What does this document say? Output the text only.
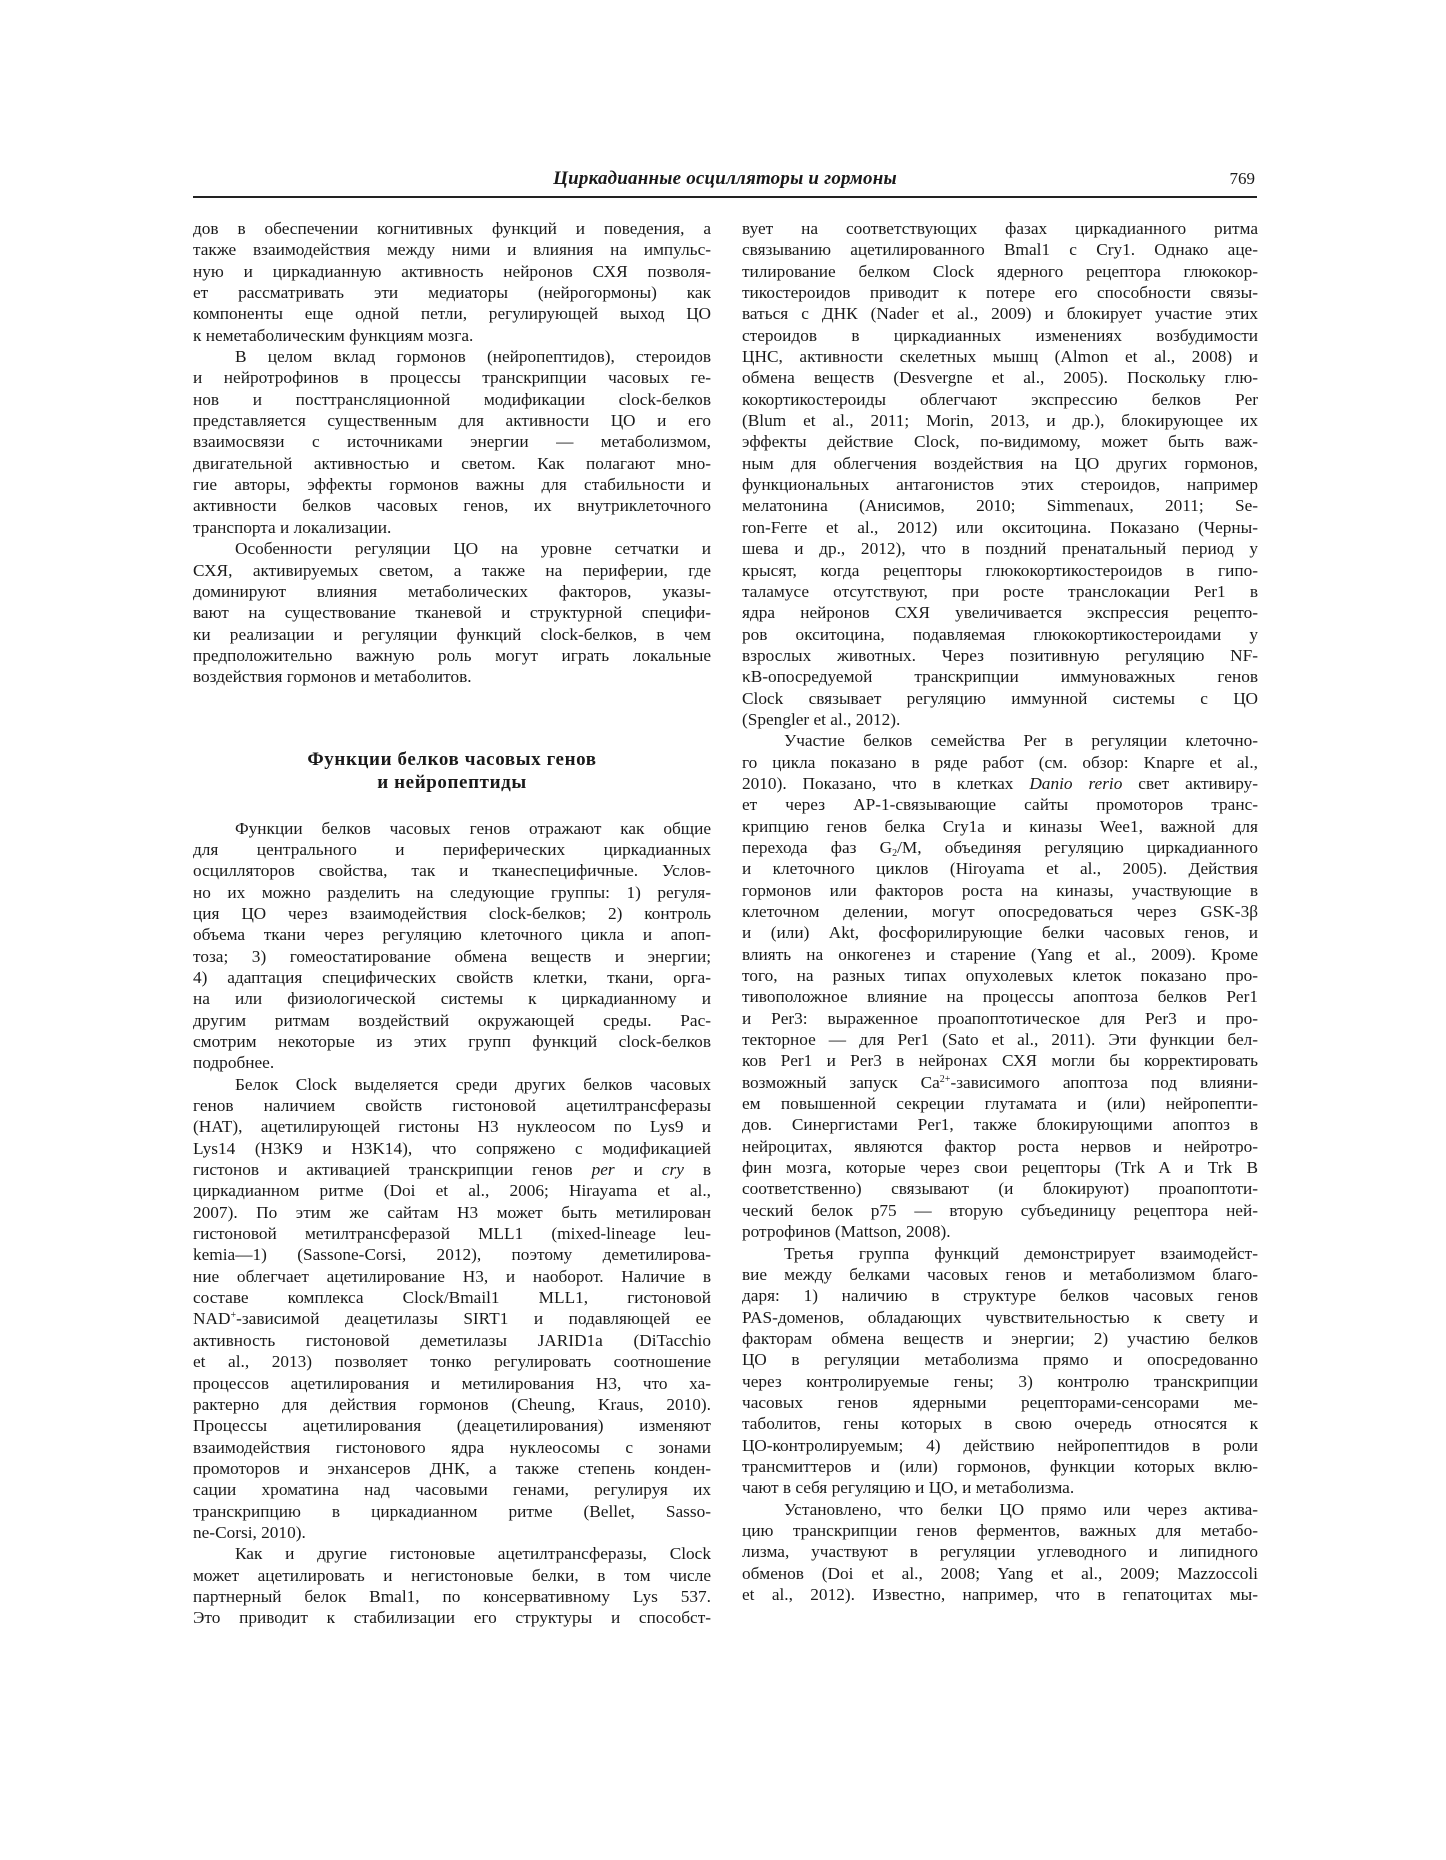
Циркадианные осцилляторы и гормоны	769
дов в обеспечении когнитивных функций и поведения, а
также взаимодействия между ними и влияния на импульс-
ную и циркадианную активность нейронов СХЯ позволя-
ет рассматривать эти медиаторы (нейрогормоны) как
компоненты еще одной петли, регулирующей выход ЦО
к неметаболическим функциям мозга.
В целом вклад гормонов (нейропептидов), стероидов
и нейротрофинов в процессы транскрипции часовых ге-
нов и посттрансляционной модификации clock-белков
представляется существенным для активности ЦО и его
взаимосвязи с источниками энергии — метаболизмом,
двигательной активностью и светом. Как полагают мно-
гие авторы, эффекты гормонов важны для стабильности и
активности белков часовых генов, их внутриклеточного
транспорта и локализации.
Особенности регуляции ЦО на уровне сетчатки и
СХЯ, активируемых светом, а также на периферии, где
доминируют влияния метаболических факторов, указы-
вают на существование тканевой и структурной специфи-
ки реализации и регуляции функций clock-белков, в чем
предположительно важную роль могут играть локальные
воздействия гормонов и метаболитов.
Функции белков часовых генов
и нейропептиды
Функции белков часовых генов отражают как общие
для центрального и периферических циркадианных
осцилляторов свойства, так и тканеспецифичные. Услов-
но их можно разделить на следующие группы: 1) регуля-
ция ЦО через взаимодействия clock-белков; 2) контроль
объема ткани через регуляцию клеточного цикла и апоп-
тоза; 3) гомеостатирование обмена веществ и энергии;
4) адаптация специфических свойств клетки, ткани, орга-
на или физиологической системы к циркадианному и
другим ритмам воздействий окружающей среды. Рас-
смотрим некоторые из этих групп функций clock-белков
подробнее.
Белок Clock выделяется среди других белков часовых
генов наличием свойств гистоновой ацетилтрансферазы
(HAT), ацетилирующей гистоны H3 нуклеосом по Lys9 и
Lys14 (H3K9 и H3K14), что сопряжено с модификацией
гистонов и активацией транскрипции генов per и cry в
циркадианном ритме (Doi et al., 2006; Hirayama et al.,
2007). По этим же сайтам H3 может быть метилирован
гистоновой метилтрансферазой MLL1 (mixed-lineage leu-
kemia—1) (Sassone-Corsi, 2012), поэтому деметилирова-
ние облегчает ацетилирование H3, и наоборот. Наличие в
составе комплекса Clock/Bmail1 MLL1, гистоновой
NAD+-зависимой деацетилазы SIRT1 и подавляющей ее
активность гистоновой деметилазы JARID1a (DiTacchio
et al., 2013) позволяет тонко регулировать соотношение
процессов ацетилирования и метилирования H3, что ха-
рактерно для действия гормонов (Cheung, Kraus, 2010).
Процессы ацетилирования (деацетилирования) изменяют
взаимодействия гистонового ядра нуклеосомы с зонами
промоторов и энхансеров ДНК, а также степень конден-
сации хроматина над часовыми генами, регулируя их
транскрипцию в циркадианном ритме (Bellet, Sasso-
ne-Corsi, 2010).
Как и другие гистоновые ацетилтрансферазы, Clock
может ацетилировать и негистоновые белки, в том числе
партнерный белок Bmal1, по консервативному Lys 537.
Это приводит к стабилизации его структуры и способст-
вует на соответствующих фазах циркадианного ритма
связыванию ацетилированного Bmal1 с Cry1. Однако аце-
тилирование белком Clock ядерного рецептора глюкокор-
тикостероидов приводит к потере его способности связы-
ваться с ДНК (Nader et al., 2009) и блокирует участие этих
стероидов в циркадианных изменениях возбудимости
ЦНС, активности скелетных мышц (Almon et al., 2008) и
обмена веществ (Desvergne et al., 2005). Поскольку глю-
кокортикостероиды облегчают экспрессию белков Per
(Blum et al., 2011; Morin, 2013, и др.), блокирующее их
эффекты действие Clock, по-видимому, может быть важ-
ным для облегчения воздействия на ЦО других гормонов,
функциональных антагонистов этих стероидов, например
мелатонина (Анисимов, 2010; Simmenaux, 2011; Se-
ron-Ferre et al., 2012) или окситоцина. Показано (Черны-
шева и др., 2012), что в поздний пренатальный период у
крысят, когда рецепторы глюкокортикостероидов в гипо-
таламусе отсутствуют, при росте транслокации Per1 в
ядра нейронов СХЯ увеличивается экспрессия рецепто-
ров окситоцина, подавляемая глюкокортикостероидами у
взрослых животных. Через позитивную регуляцию NF-
κB-опосредуемой транскрипции иммуноважных генов
Clock связывает регуляцию иммунной системы с ЦО
(Spengler et al., 2012).
Участие белков семейства Per в регуляции клеточно-
го цикла показано в ряде работ (см. обзор: Knapre et al.,
2010). Показано, что в клетках Danio rerio свет активиру-
ет через AP-1-связывающие сайты промоторов транс-
крипцию генов белка Cry1a и киназы Wee1, важной для
перехода фаз $G_2/M$, объединяя регуляцию циркадианного
и клеточного циклов (Hiroyama et al., 2005). Действия
гормонов или факторов роста на киназы, участвующие в
клеточном делении, могут опосредоваться через GSK-3β
и (или) Akt, фосфорилирующие белки часовых генов, и
влиять на онкогенез и старение (Yang et al., 2009). Кроме
того, на разных типах опухолевых клеток показано про-
тивоположное влияние на процессы апоптоза белков Per1
и Per3: выраженное проапоптотическое для Per3 и про-
текторное — для Per1 (Sato et al., 2011). Эти функции бел-
ков Per1 и Per3 в нейронах СХЯ могли бы корректировать
возможный запуск $Ca^{2+}$-зависимого апоптоза под влияни-
ем повышенной секреции глутамата и (или) нейропепти-
дов. Синергистами Per1, также блокирующими апоптоз в
нейроцитах, являются фактор роста нервов и нейротро-
фин мозга, которые через свои рецепторы (Trk A и Trk B
соответственно) связывают (и блокируют) проапоптоти-
ческий белок p75 — вторую субъединицу рецептора ней-
ротрофинов (Mattson, 2008).
Третья группа функций демонстрирует взаимодейст-
вие между белками часовых генов и метаболизмом благо-
даря: 1) наличию в структуре белков часовых генов
PAS-доменов, обладающих чувствительностью к свету и
факторам обмена веществ и энергии; 2) участию белков
ЦО в регуляции метаболизма прямо и опосредованно
через контролируемые гены; 3) контролю транскрипции
часовых генов ядерными рецепторами-сенсорами ме-
таболитов, гены которых в свою очередь относятся к
ЦО-контролируемым; 4) действию нейропептидов в роли
трансмиттеров и (или) гормонов, функции которых вклю-
чают в себя регуляцию и ЦО, и метаболизма.
Установлено, что белки ЦО прямо или через актива-
цию транскрипции генов ферментов, важных для метабо-
лизма, участвуют в регуляции углеводного и липидного
обменов (Doi et al., 2008; Yang et al., 2009; Mazzoccoli
et al., 2012). Известно, например, что в гепатоцитах мы-
